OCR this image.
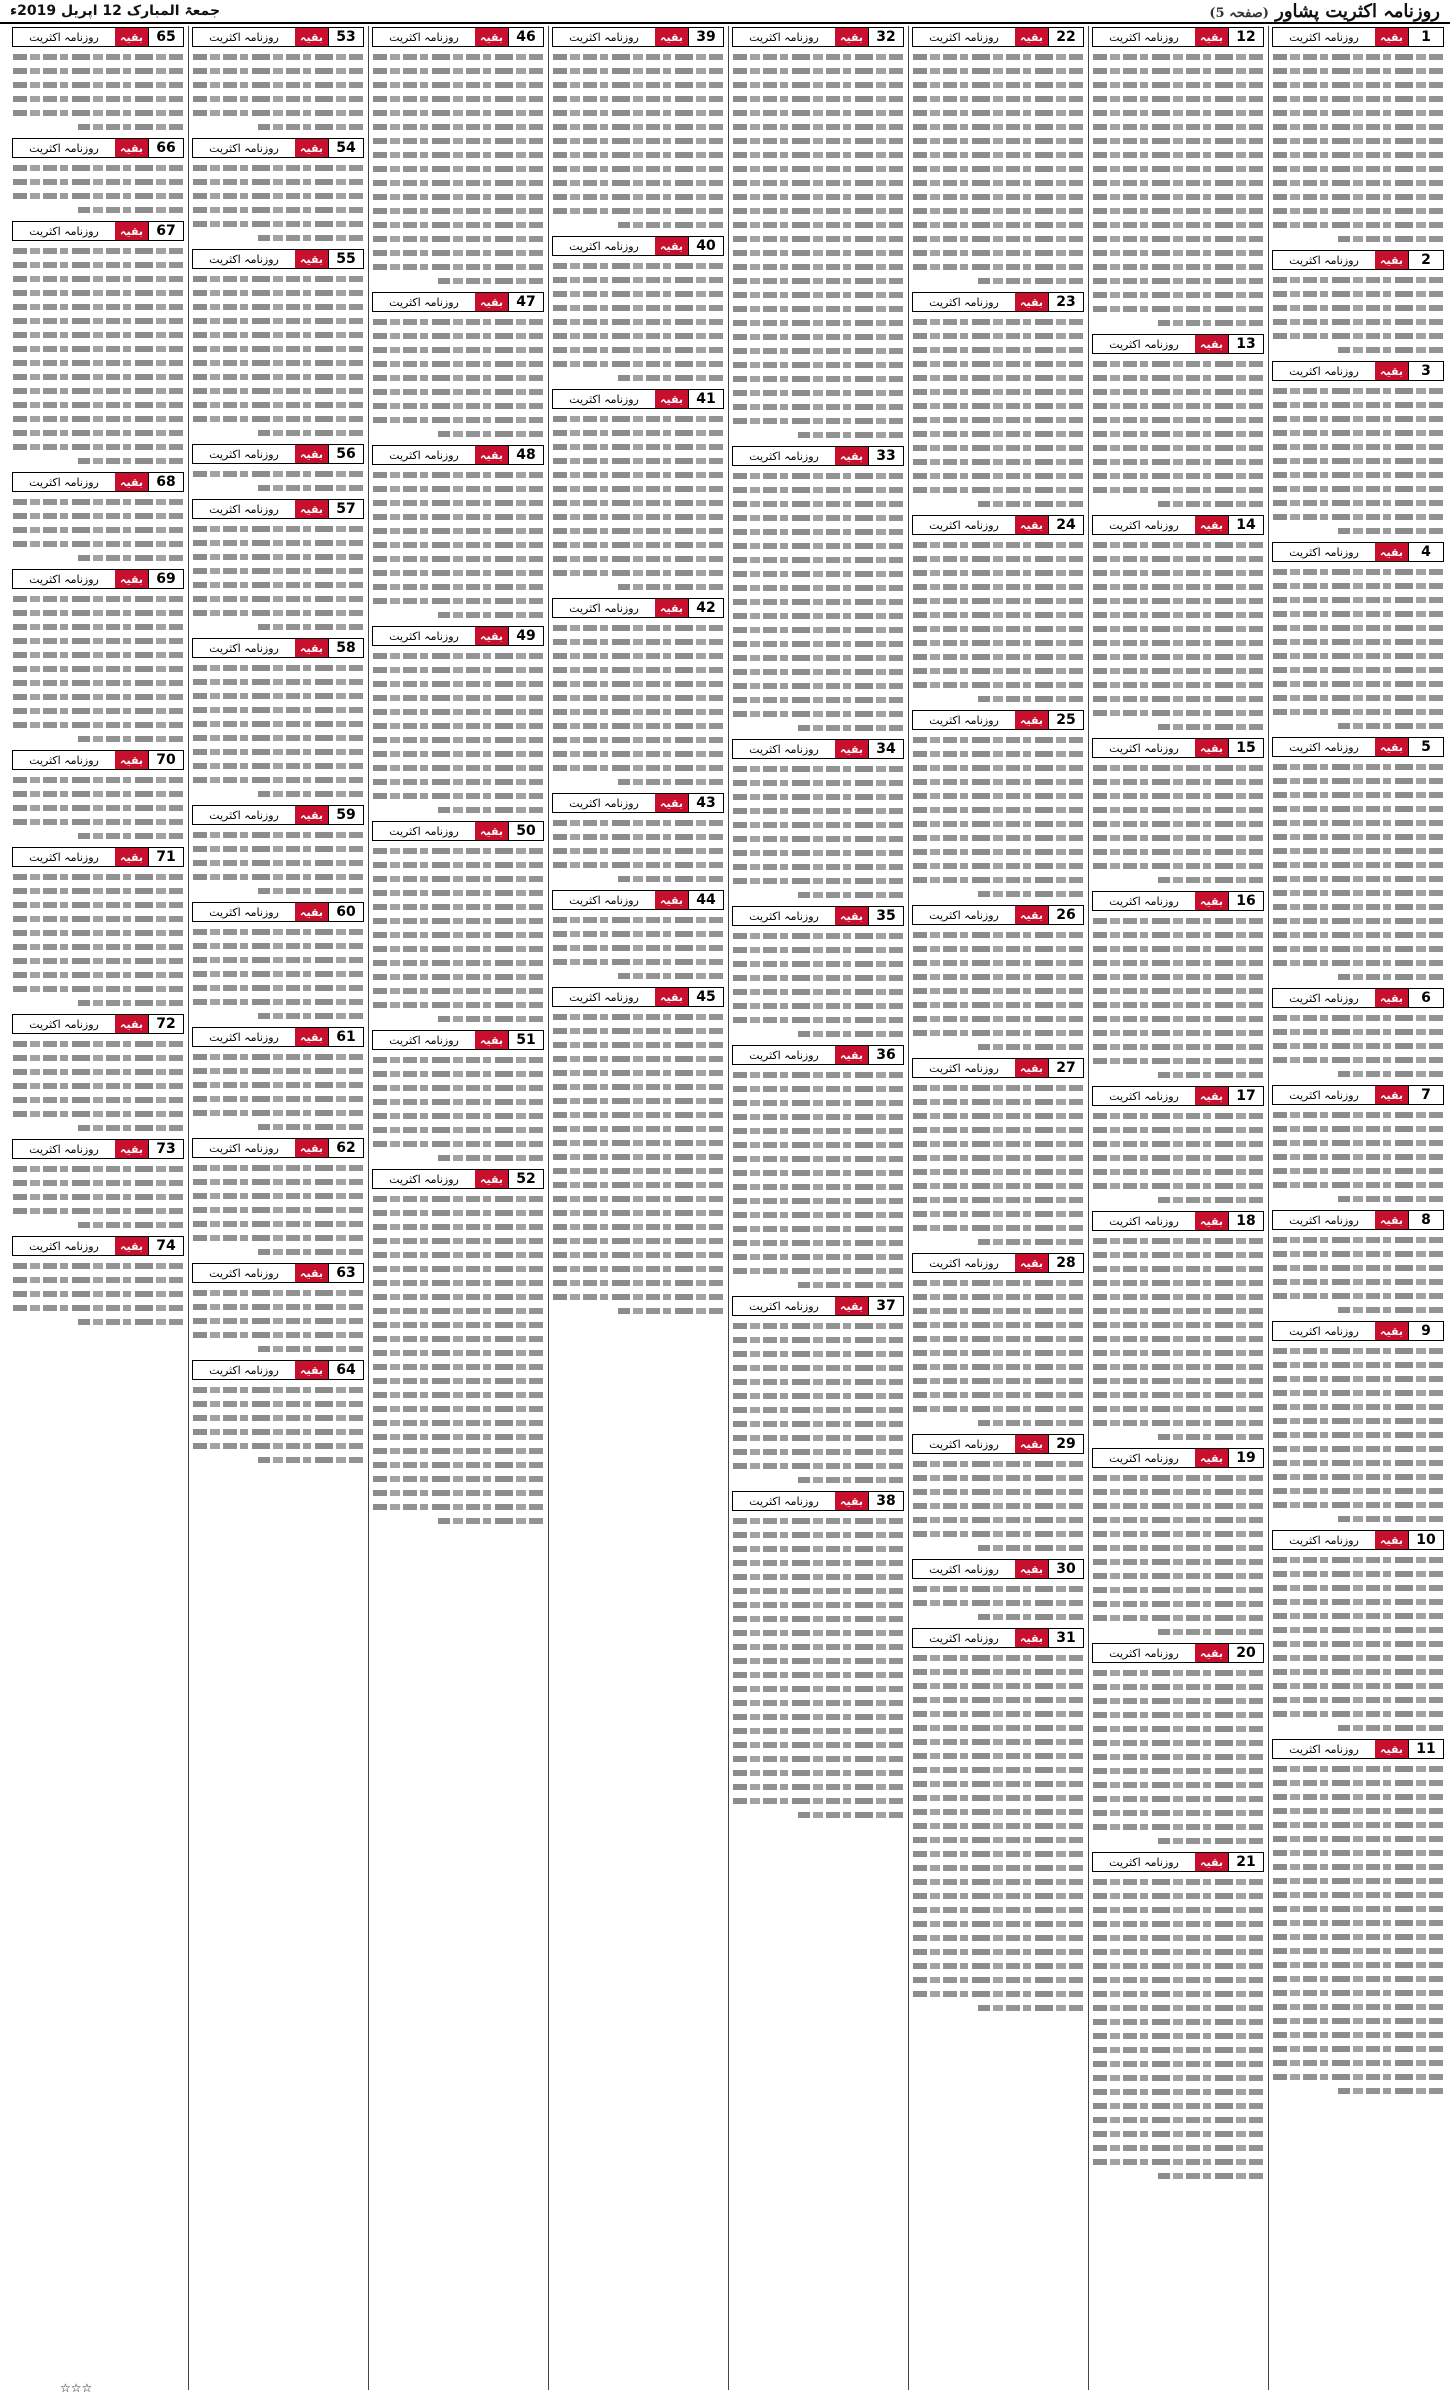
جمعۃ المبارک 12 اپریل 2019ء	روزنامہ اکثریت پشاور (صفحہ 5)
1
بقیہ
روزنامہ اکثریت
2
بقیہ
روزنامہ اکثریت
3
بقیہ
روزنامہ اکثریت
4
بقیہ
روزنامہ اکثریت
5
بقیہ
روزنامہ اکثریت
6
بقیہ
روزنامہ اکثریت
7
بقیہ
روزنامہ اکثریت
8
بقیہ
روزنامہ اکثریت
9
بقیہ
روزنامہ اکثریت
10
بقیہ
روزنامہ اکثریت
11
بقیہ
روزنامہ اکثریت
12
بقیہ
روزنامہ اکثریت
13
بقیہ
روزنامہ اکثریت
14
بقیہ
روزنامہ اکثریت
15
بقیہ
روزنامہ اکثریت
16
بقیہ
روزنامہ اکثریت
17
بقیہ
روزنامہ اکثریت
18
بقیہ
روزنامہ اکثریت
19
بقیہ
روزنامہ اکثریت
20
بقیہ
روزنامہ اکثریت
21
بقیہ
روزنامہ اکثریت
22
بقیہ
روزنامہ اکثریت
23
بقیہ
روزنامہ اکثریت
24
بقیہ
روزنامہ اکثریت
25
بقیہ
روزنامہ اکثریت
26
بقیہ
روزنامہ اکثریت
27
بقیہ
روزنامہ اکثریت
28
بقیہ
روزنامہ اکثریت
29
بقیہ
روزنامہ اکثریت
30
بقیہ
روزنامہ اکثریت
31
بقیہ
روزنامہ اکثریت
32
بقیہ
روزنامہ اکثریت
33
بقیہ
روزنامہ اکثریت
34
بقیہ
روزنامہ اکثریت
35
بقیہ
روزنامہ اکثریت
36
بقیہ
روزنامہ اکثریت
37
بقیہ
روزنامہ اکثریت
38
بقیہ
روزنامہ اکثریت
39
بقیہ
روزنامہ اکثریت
40
بقیہ
روزنامہ اکثریت
41
بقیہ
روزنامہ اکثریت
42
بقیہ
روزنامہ اکثریت
43
بقیہ
روزنامہ اکثریت
44
بقیہ
روزنامہ اکثریت
45
بقیہ
روزنامہ اکثریت
46
بقیہ
روزنامہ اکثریت
47
بقیہ
روزنامہ اکثریت
48
بقیہ
روزنامہ اکثریت
49
بقیہ
روزنامہ اکثریت
50
بقیہ
روزنامہ اکثریت
51
بقیہ
روزنامہ اکثریت
52
بقیہ
روزنامہ اکثریت
53
بقیہ
روزنامہ اکثریت
54
بقیہ
روزنامہ اکثریت
55
بقیہ
روزنامہ اکثریت
56
بقیہ
روزنامہ اکثریت
57
بقیہ
روزنامہ اکثریت
58
بقیہ
روزنامہ اکثریت
59
بقیہ
روزنامہ اکثریت
60
بقیہ
روزنامہ اکثریت
61
بقیہ
روزنامہ اکثریت
62
بقیہ
روزنامہ اکثریت
63
بقیہ
روزنامہ اکثریت
64
بقیہ
روزنامہ اکثریت
65
بقیہ
روزنامہ اکثریت
66
بقیہ
روزنامہ اکثریت
67
بقیہ
روزنامہ اکثریت
68
بقیہ
روزنامہ اکثریت
69
بقیہ
روزنامہ اکثریت
70
بقیہ
روزنامہ اکثریت
71
بقیہ
روزنامہ اکثریت
72
بقیہ
روزنامہ اکثریت
73
بقیہ
روزنامہ اکثریت
74
بقیہ
روزنامہ اکثریت
☆☆☆
